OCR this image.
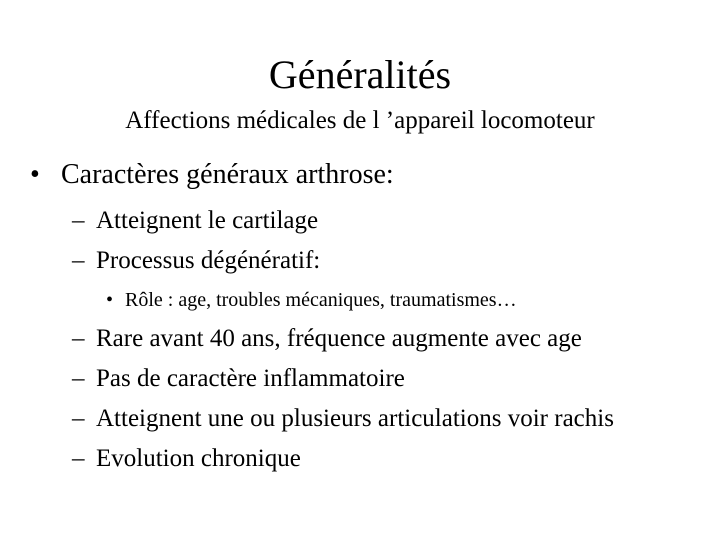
Généralités
Affections médicales de l ’appareil locomoteur
• Caractères généraux arthrose:
– Atteignent le cartilage
– Processus dégénératif:
• Rôle : age, troubles mécaniques, traumatismes…
– Rare avant 40 ans, fréquence augmente avec age
– Pas de caractère inflammatoire
– Atteignent une ou plusieurs articulations voir rachis
– Evolution chronique
